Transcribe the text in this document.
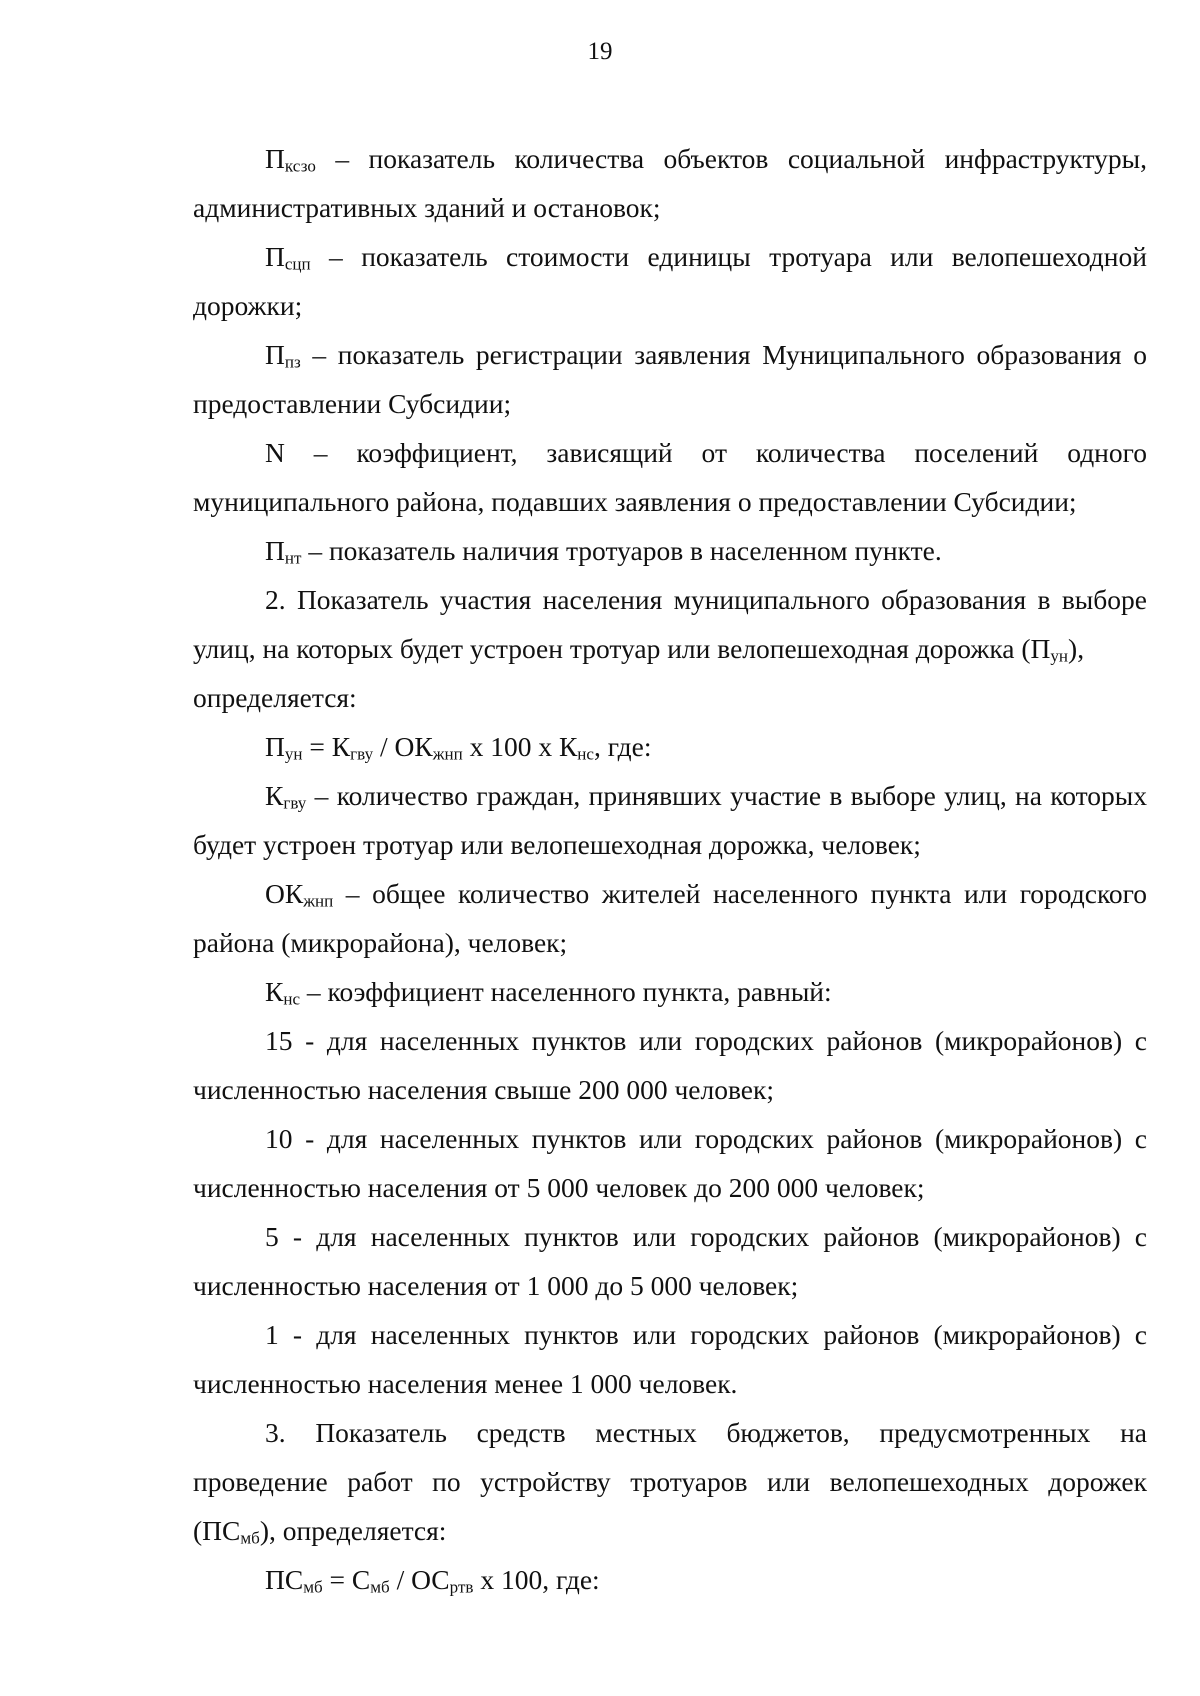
19

$П_{ксзо}$ – показатель количества объектов социальной инфраструктуры, административных зданий и остановок;

$П_{сцп}$ – показатель стоимости единицы тротуара или велопешеходной дорожки;

$П_{пз}$ – показатель регистрации заявления Муниципального образования о предоставлении Субсидии;

N – коэффициент, зависящий от количества поселений одного муниципального района, подавших заявления о предоставлении Субсидии;

$П_{нт}$ – показатель наличия тротуаров в населенном пункте.

2. Показатель участия населения муниципального образования в выборе улиц, на которых будет устроен тротуар или велопешеходная дорожка $(П_{ун})$,

определяется:

$П_{ун} = К_{гву} / ОК_{жнп}$ х 100 х $К_{нс}$, где:

$К_{гву}$ – количество граждан, принявших участие в выборе улиц, на которых будет устроен тротуар или велопешеходная дорожка, человек;

$ОК_{жнп}$ – общее количество жителей населенного пункта или городского района (микрорайона), человек;

$К_{нс}$ – коэффициент населенного пункта, равный:

15 - для населенных пунктов или городских районов (микрорайонов) с численностью населения свыше 200 000 человек;

10 - для населенных пунктов или городских районов (микрорайонов) с численностью населения от 5 000 человек до 200 000 человек;

5 - для населенных пунктов или городских районов (микрорайонов) с численностью населения от 1 000 до 5 000 человек;

1 - для населенных пунктов или городских районов (микрорайонов) с численностью населения менее 1 000 человек.

3. Показатель средств местных бюджетов, предусмотренных на проведение работ по устройству тротуаров или велопешеходных дорожек $(ПС_{мб})$, определяется:

$ПС_{мб} = С_{мб} / ОС_{ртв}$ х 100, где:
